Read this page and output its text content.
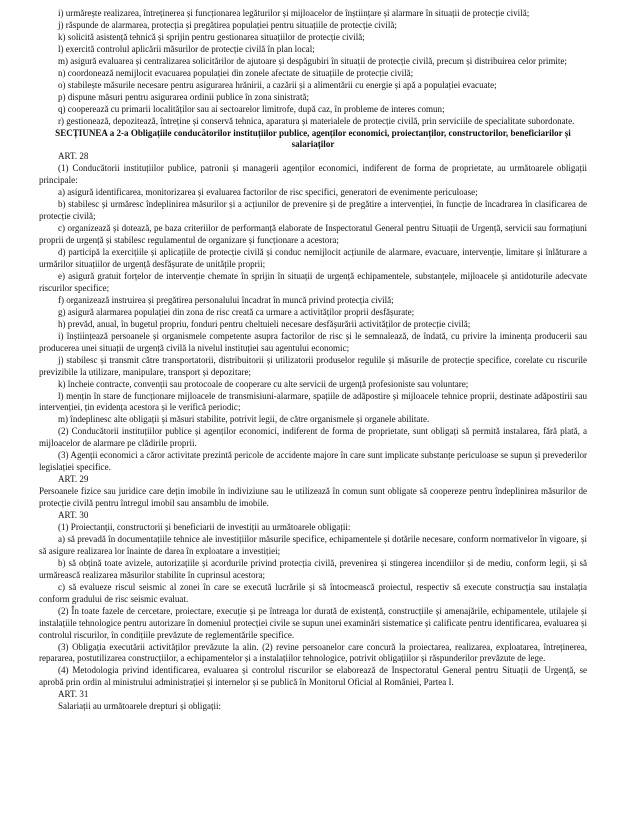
i) urmărește realizarea, întreținerea și funcționarea legăturilor și mijloacelor de înștiințare și alarmare în situații de protecție civilă;

j) răspunde de alarmarea, protecția și pregătirea populației pentru situațiile de protecție civilă;

k) solicită asistență tehnică și sprijin pentru gestionarea situațiilor de protecție civilă;

l) exercită controlul aplicării măsurilor de protecție civilă în plan local;

m) asigură evaluarea și centralizarea solicitărilor de ajutoare și despăgubiri în situații de protecție civilă, precum și distribuirea celor primite;

n) coordonează nemijlocit evacuarea populației din zonele afectate de situațiile de protecție civilă;

o) stabilește măsurile necesare pentru asigurarea hrănirii, a cazării și a alimentării cu energie și apă a populației evacuate;

p) dispune măsuri pentru asigurarea ordinii publice în zona sinistrată;

q) cooperează cu primarii localităților sau ai sectoarelor limitrofe, după caz, în probleme de interes comun;

r) gestionează, depozitează, întreține și conservă tehnica, aparatura și materialele de protecție civilă, prin serviciile de specialitate subordonate.

SECȚIUNEA a 2-a Obligațiile conducătorilor instituțiilor publice, agenților economici, proiectanților, constructorilor, beneficiarilor și salariaților

ART. 28

(1) Conducătorii instituțiilor publice, patronii și managerii agenților economici, indiferent de forma de proprietate, au următoarele obligații principale:

a) asigură identificarea, monitorizarea și evaluarea factorilor de risc specifici, generatori de evenimente periculoase;

b) stabilesc și urmăresc îndeplinirea măsurilor și a acțiunilor de prevenire și de pregătire a intervenției, în funcție de încadrarea în clasificarea de protecție civilă;

c) organizează și dotează, pe baza criteriilor de performanță elaborate de Inspectoratul General pentru Situații de Urgență, servicii sau formațiuni proprii de urgență și stabilesc regulamentul de organizare și funcționare a acestora;

d) participă la exercițiile și aplicațiile de protecție civilă și conduc nemijlocit acțiunile de alarmare, evacuare, intervenție, limitare și înlăturare a urmărilor situațiilor de urgență desfășurate de unitățile proprii;

e) asigură gratuit forțelor de intervenție chemate în sprijin în situații de urgență echipamentele, substanțele, mijloacele și antidoturile adecvate riscurilor specifice;

f) organizează instruirea și pregătirea personalului încadrat în muncă privind protecția civilă;

g) asigură alarmarea populației din zona de risc creată ca urmare a activităților proprii desfășurate;

h) prevăd, anual, în bugetul propriu, fonduri pentru cheltuieli necesare desfășurării activităților de protecție civilă;

i) înștiințează persoanele și organismele competente asupra factorilor de risc și le semnalează, de îndată, cu privire la iminența producerii sau producerea unei situații de urgență civilă la nivelul instituției sau agentului economic;

j) stabilesc și transmit către transportatorii, distribuitorii și utilizatorii produselor regulile și măsurile de protecție specifice, corelate cu riscurile previzibile la utilizare, manipulare, transport și depozitare;

k) încheie contracte, convenții sau protocoale de cooperare cu alte servicii de urgență profesioniste sau voluntare;

l) mențin în stare de funcționare mijloacele de transmisiuni-alarmare, spațiile de adăpostire și mijloacele tehnice proprii, destinate adăpostirii sau intervenției, țin evidența acestora și le verifică periodic;

m) îndeplinesc alte obligații și măsuri stabilite, potrivit legii, de către organismele și organele abilitate.

(2) Conducătorii instituțiilor publice și agenților economici, indiferent de forma de proprietate, sunt obligați să permită instalarea, fără plată, a mijloacelor de alarmare pe clădirile proprii.

(3) Agenții economici a căror activitate prezintă pericole de accidente majore în care sunt implicate substanțe periculoase se supun și prevederilor legislației specifice.

ART. 29

Persoanele fizice sau juridice care dețin imobile în indiviziune sau le utilizează în comun sunt obligate să coopereze pentru îndeplinirea măsurilor de protecție civilă pentru întregul imobil sau ansamblu de imobile.

ART. 30

(1) Proiectanții, constructorii și beneficiarii de investiții au următoarele obligații:

a) să prevadă în documentațiile tehnice ale investițiilor măsurile specifice, echipamentele și dotările necesare, conform normativelor în vigoare, și să asigure realizarea lor înainte de darea în exploatare a investiției;

b) să obțină toate avizele, autorizațiile și acordurile privind protecția civilă, prevenirea și stingerea incendiilor și de mediu, conform legii, și să urmărească realizarea măsurilor stabilite în cuprinsul acestora;

c) să evalueze riscul seismic al zonei în care se execută lucrările și să întocmească proiectul, respectiv să execute construcția sau instalația conform gradului de risc seismic evaluat.

(2) În toate fazele de cercetare, proiectare, execuție și pe întreaga lor durată de existență, construcțiile și amenajările, echipamentele, utilajele și instalațiile tehnologice pentru autorizare în domeniul protecției civile se supun unei examinări sistematice și calificate pentru identificarea, evaluarea și controlul riscurilor, în condițiile prevăzute de reglementările specifice.

(3) Obligația executării activităților prevăzute la alin. (2) revine persoanelor care concură la proiectarea, realizarea, exploatarea, întreținerea, repararea, postutilizarea construcțiilor, a echipamentelor și a instalațiilor tehnologice, potrivit obligațiilor și răspunderilor prevăzute de lege.

(4) Metodologia privind identificarea, evaluarea și controlul riscurilor se elaborează de Inspectoratul General pentru Situații de Urgență, se aprobă prin ordin al ministrului administrației și internelor și se publică în Monitorul Oficial al României, Partea I.

ART. 31

Salariații au următoarele drepturi și obligații:
